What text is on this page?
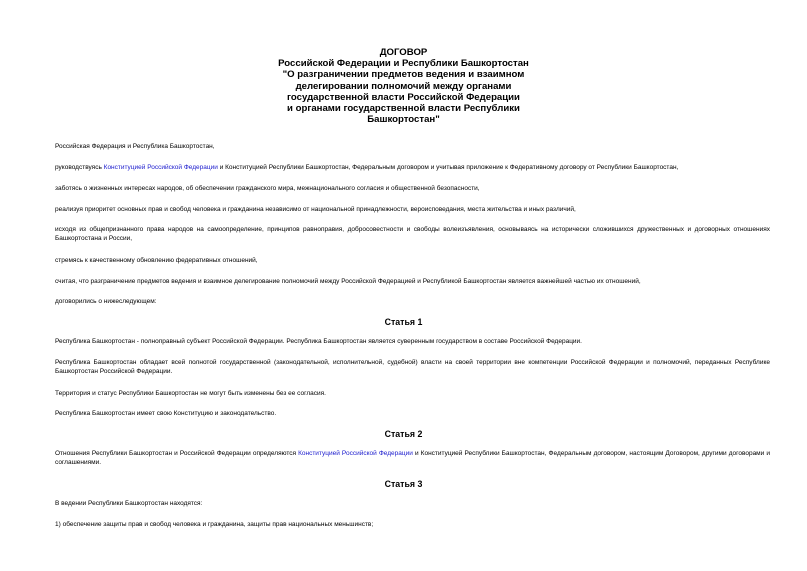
ДОГОВОР
Российской Федерации и Республики Башкортостан
"О разграничении предметов ведения и взаимном
делегировании полномочий между органами
государственной власти Российской Федерации
и органами государственной власти Республики
Башкортостан"
Российская Федерация и Республика Башкортостан,
руководствуясь Конституцией Российской Федерации и Конституцией Республики Башкортостан, Федеральным договором и учитывая приложение к Федеративному договору от Республики Башкортостан,
заботясь о жизненных интересах народов, об обеспечении гражданского мира, межнационального согласия и общественной безопасности,
реализуя приоритет основных прав и свобод человека и гражданина независимо от национальной принадлежности, вероисповедания, места жительства и иных различий,
исходя из общепризнанного права народов на самоопределение, принципов равноправия, добросовестности и свободы волеизъявления, основываясь на исторически сложившихся дружественных и договорных отношениях Башкортостана и России,
стремясь к качественному обновлению федеративных отношений,
считая, что разграничение предметов ведения и взаимное делегирование полномочий между Российской Федерацией и Республикой Башкортостан является важнейшей частью их отношений,
договорились о нижеследующем:
Статья 1
Республика Башкортостан - полноправный субъект Российской Федерации. Республика Башкортостан является суверенным государством в составе Российской Федерации.
Республика Башкортостан обладает всей полнотой государственной (законодательной, исполнительной, судебной) власти на своей территории вне компетенции Российской Федерации и полномочий, переданных Республике Башкортостан Российской Федерации.
Территория и статус Республики Башкортостан не могут быть изменены без ее согласия.
Республика Башкортостан имеет свою Конституцию и законодательство.
Статья 2
Отношения Республики Башкортостан и Российской Федерации определяются Конституцией Российской Федерации и Конституцией Республики Башкортостан, Федеральным договором, настоящим Договором, другими договорами и соглашениями.
Статья 3
В ведении Республики Башкортостан находятся:
1) обеспечение защиты прав и свобод человека и гражданина, защиты прав национальных меньшинств;
